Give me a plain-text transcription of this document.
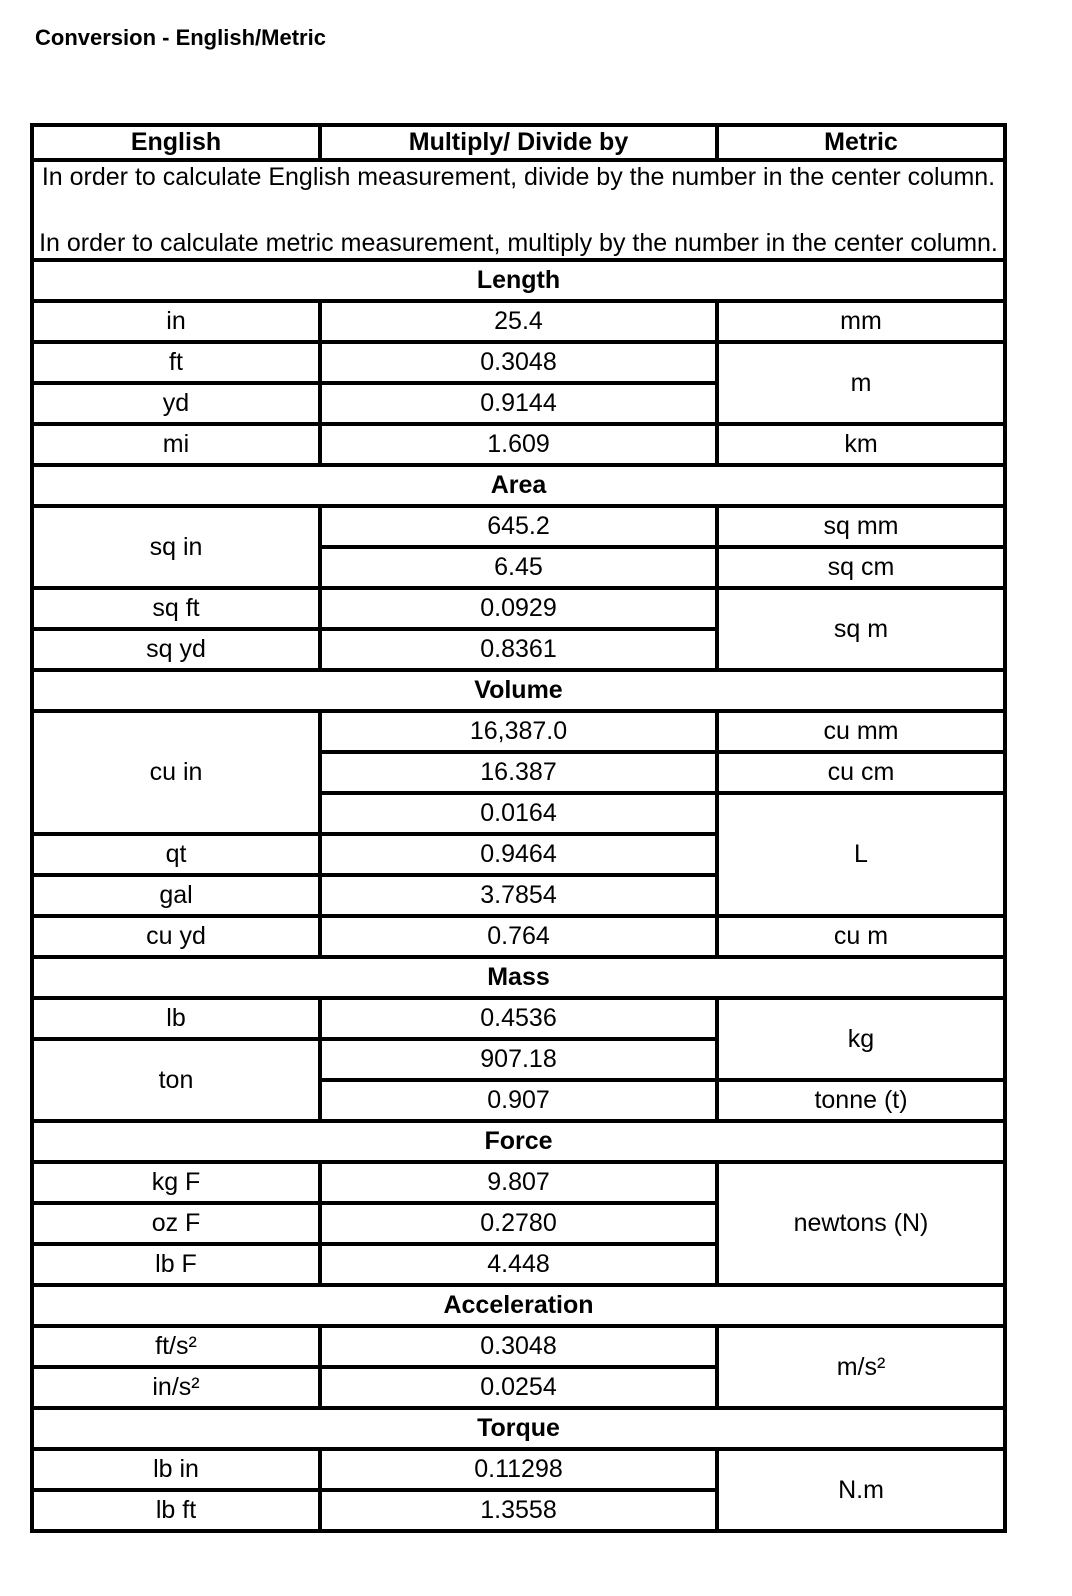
Conversion - English/Metric
English	Multiply/ Divide by	Metric

In order to calculate English measurement, divide by the number in the center column.

In order to calculate metric measurement, multiply by the number in the center column.		

Length		
in	25.4	mm
ft	0.3048	m
yd	0.9144	
mi	1.609	km
Area		
sq in	645.2	sq mm
	6.45	sq cm
sq ft	0.0929	sq m
sq yd	0.8361	
Volume		
cu in	16,387.0	cu mm
	16.387	cu cm
	0.0164	L
qt	0.9464	
gal	3.7854	
cu yd	0.764	cu m
Mass		
lb	0.4536	kg
ton	907.18	
	0.907	tonne (t)
Force		
kg F	9.807	newtons (N)
oz F	0.2780	
lb F	4.448	
Acceleration		
ft/s²	0.3048	m/s²
in/s²	0.0254	
Torque		
lb in	0.11298	N.m
lb ft	1.3558	
